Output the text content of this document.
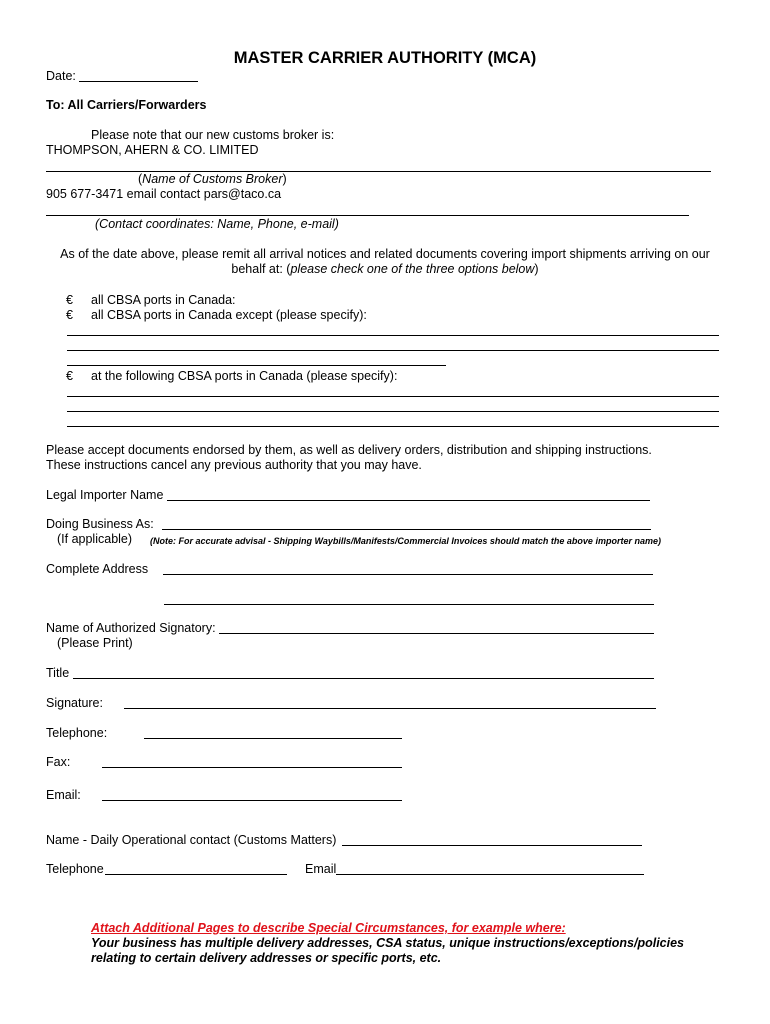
MASTER CARRIER AUTHORITY (MCA)
Date:
To: All Carriers/Forwarders
Please note that our new customs broker is:
THOMPSON, AHERN & CO. LIMITED
(Name of Customs Broker)
905 677-3471 email contact pars@taco.ca
(Contact coordinates: Name, Phone, e-mail)
As of the date above, please remit all arrival notices and related documents covering import shipments arriving on our
behalf at: (please check one of the three options below)
€ all CBSA ports in Canada:
€ all CBSA ports in Canada except (please specify):
€ at the following CBSA ports in Canada (please specify):
Please accept documents endorsed by them, as well as delivery orders, distribution and shipping instructions.
These instructions cancel any previous authority that you may have.
Legal Importer Name
Doing Business As:
(If applicable) (Note: For accurate advisal - Shipping Waybills/Manifests/Commercial Invoices should match the above importer name)
Complete Address
Name of Authorized Signatory:
(Please Print)
Title
Signature:
Telephone:
Fax:
Email:
Name - Daily Operational contact (Customs Matters)
Telephone	Email
Attach Additional Pages to describe Special Circumstances, for example where:
Your business has multiple delivery addresses, CSA status, unique instructions/exceptions/policies
relating to certain delivery addresses or specific ports, etc.
